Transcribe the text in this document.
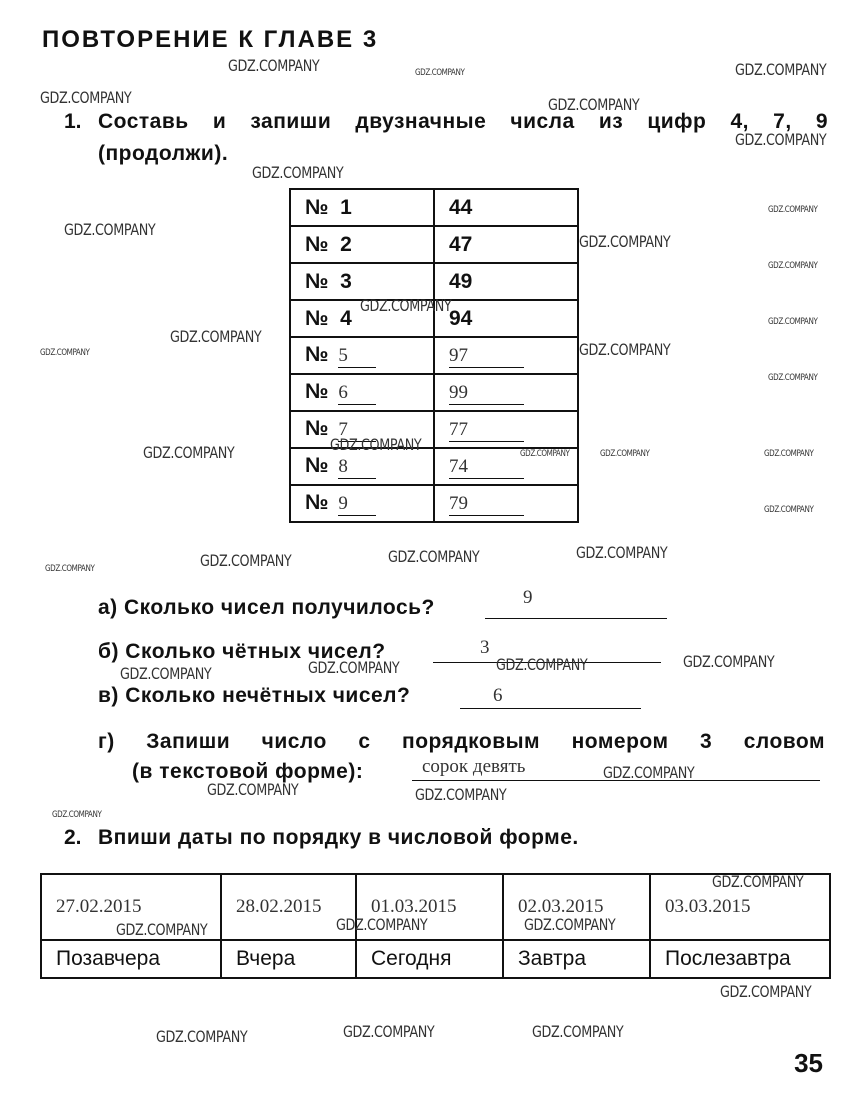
ПОВТОРЕНИЕ К ГЛАВЕ 3
1. Составь и запиши двузначные числа из цифр 4, 7, 9
(продолжи).
№ 1	44
№ 2	47
№ 3	49
№ 4	94
№ 5	97
№ 6	99
№ 7	77
№ 8	74
№ 9	79
а) Сколько чисел получилось?	9
б) Сколько чётных чисел?	3
в) Сколько нечётных чисел?	6
г) Запиши число с порядковым номером 3 словом
(в текстовой форме):	сорок девять
2. Впиши даты по порядку в числовой форме.
27.02.2015	28.02.2015	01.03.2015	02.03.2015	03.03.2015
Позавчера	Вчера	Сегодня	Завтра	Послезавтра
35
GDZ.COMPANY	GDZ.COMPANY
GDZ.COMPANY	GDZ.COMPANY
GDZ.COMPANY
GDZ.COMPANY
GDZ.COMPANY
GDZ.COMPANY
GDZ.COMPANY
GDZ.COMPANY
GDZ.COMPANY
GDZ.COMPANY	GDZ.COMPANY
GDZ.COMPANY	GDZ.COMPANY	GDZ.COMPANY
GDZ.COMPANY
GDZ.COMPANY	GDZ.COMPANY	GDZ.COMPANY	GDZ.COMPANY
GDZ.COMPANY	GDZ.COMPANY
GDZ.COMPANY
GDZ.COMPANY
GDZ.COMPANY
GDZ.COMPANY	GDZ.COMPANY	GDZ.COMPANY
GDZ.COMPANY
GDZ.COMPANY	GDZ.COMPANY	GDZ.COMPANY
GDZ.COMPANY
GDZ.COMPANY
GDZ.COMPANY
GDZ.COMPANY
GDZ.COMPANY
GDZ.COMPANY
GDZ.COMPANY	GDZ.COMPANY	GDZ.COMPANY
GDZ.COMPANY
